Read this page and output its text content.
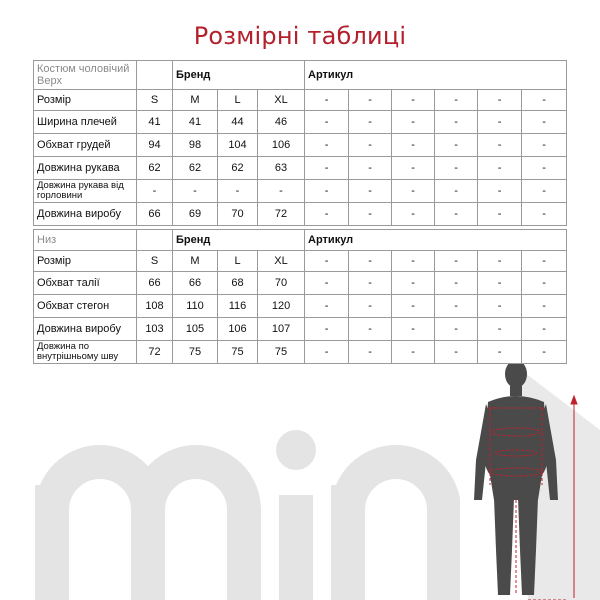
Розмірні таблиці
Костюм чоловічий Верх		Бренд			Артикул					
Розмір	S	M	L	XL	-	-	-	-	-	-
Ширина плечей	41	41	44	46	-	-	-	-	-	-
Обхват грудей	94	98	104	106	-	-	-	-	-	-
Довжина рукава	62	62	62	63	-	-	-	-	-	-
Довжина рукава від горловини	-	-	-	-	-	-	-	-	-	-
Довжина виробу	66	69	70	72	-	-	-	-	-	-
Низ		Бренд			Артикул					
Розмір	S	M	L	XL	-	-	-	-	-	-
Обхват талії	66	66	68	70	-	-	-	-	-	-
Обхват стегон	108	110	116	120	-	-	-	-	-	-
Довжина виробу	103	105	106	107	-	-	-	-	-	-
Довжина по внутрішньому шву	72	75	75	75	-	-	-	-	-	-
